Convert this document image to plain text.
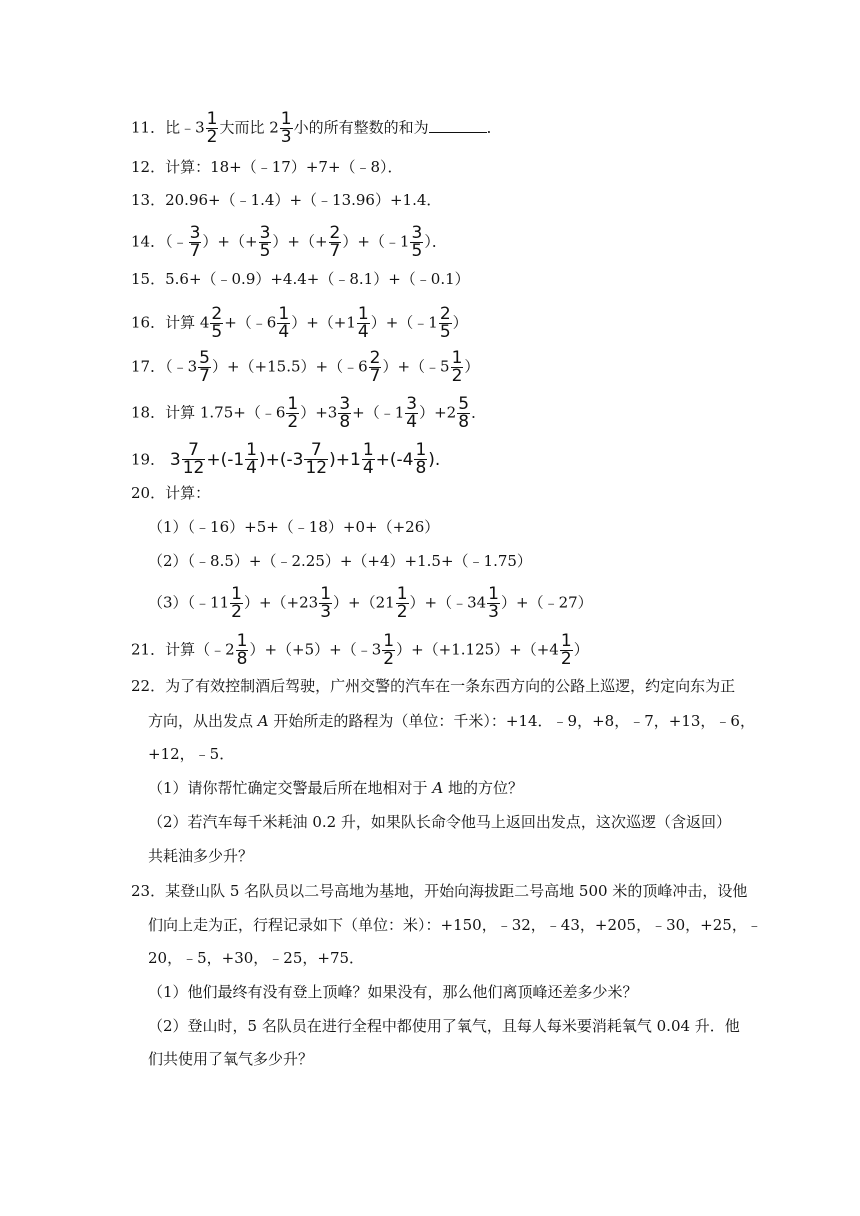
11．比﹣3 $\frac{1}{2}$ 大而比 $2 \frac{1}{3}$ 小的所有整数的和为	．
12．计算：18+（﹣17）+7+（﹣8）．
13．20.96+（﹣1.4）+（﹣13.96）+1.4．
14．（﹣ $\frac{3}{7}$ ）+（+ $\frac{3}{5}$ ）+（+ $\frac{2}{7}$ ）+（﹣1 $\frac{3}{5}$ ）．
15．5.6+（﹣0.9）+4.4+（﹣8.1）+（﹣0.1）
16．计算 $4 \frac{2}{5}$ +（﹣6 $\frac{1}{4} )+(+1 \frac{1}{4}$ ）+（﹣1 $\frac{2}{5}$ ）
17．（﹣3 $\frac{5}{7}$ ）+（+15.5）+（﹣6 $\frac{2}{7}$ ）+（﹣5 $\frac{1}{2}$ ）
18．计算 1.75+（﹣6 $\frac{1}{2} )+3 \frac{3}{8}$ +（﹣1 $\frac{3}{4} )+2 \frac{5}{8}$ ．
19． $3 \frac{7}{12} +(-1 \frac{1}{4} )+(-3 \frac{7}{12} )+1 \frac{1}{4} +(-4 \frac{1}{8}$ ).
20．计算：
（1）（﹣16）+5+（﹣18）+0+（+26）
（2）（﹣8.5）+（﹣2.25）+（+4）+1.5+（﹣1.75）
（3）（﹣11 $\frac{1}{2} )+(+23 \frac{1}{3} )+(21 \frac{1}{2}$ ）+（﹣34 $\frac{1}{3}$ ）+（﹣27）
21．计算（﹣2 $\frac{1}{8}$ ）+（+5）+（﹣3 $\frac{1}{2} )+(+1.125)+(+4 \frac{1}{2}$ ）
22．为了有效控制酒后驾驶，广州交警的汽车在一条东西方向的公路上巡逻，约定向东为正
方向，从出发点 A 开始所走的路程为（单位：千米）：+14．﹣9，+8，﹣7，+13，﹣6，
+12，﹣5．
（1）请你帮忙确定交警最后所在地相对于 A 地的方位？
（2）若汽车每千米耗油 0.2 升，如果队长命令他马上返回出发点，这次巡逻（含返回）
共耗油多少升？
23．某登山队 5 名队员以二号高地为基地，开始向海拔距二号高地 500 米的顶峰冲击，设他
们向上走为正，行程记录如下（单位：米）：+150，﹣32，﹣43，+205，﹣30，+25，﹣
20，﹣5，+30，﹣25，+75．
（1）他们最终有没有登上顶峰？如果没有，那么他们离顶峰还差多少米？
（2）登山时，5 名队员在进行全程中都使用了氧气，且每人每米要消耗氧气 0.04 升．他
们共使用了氧气多少升？
